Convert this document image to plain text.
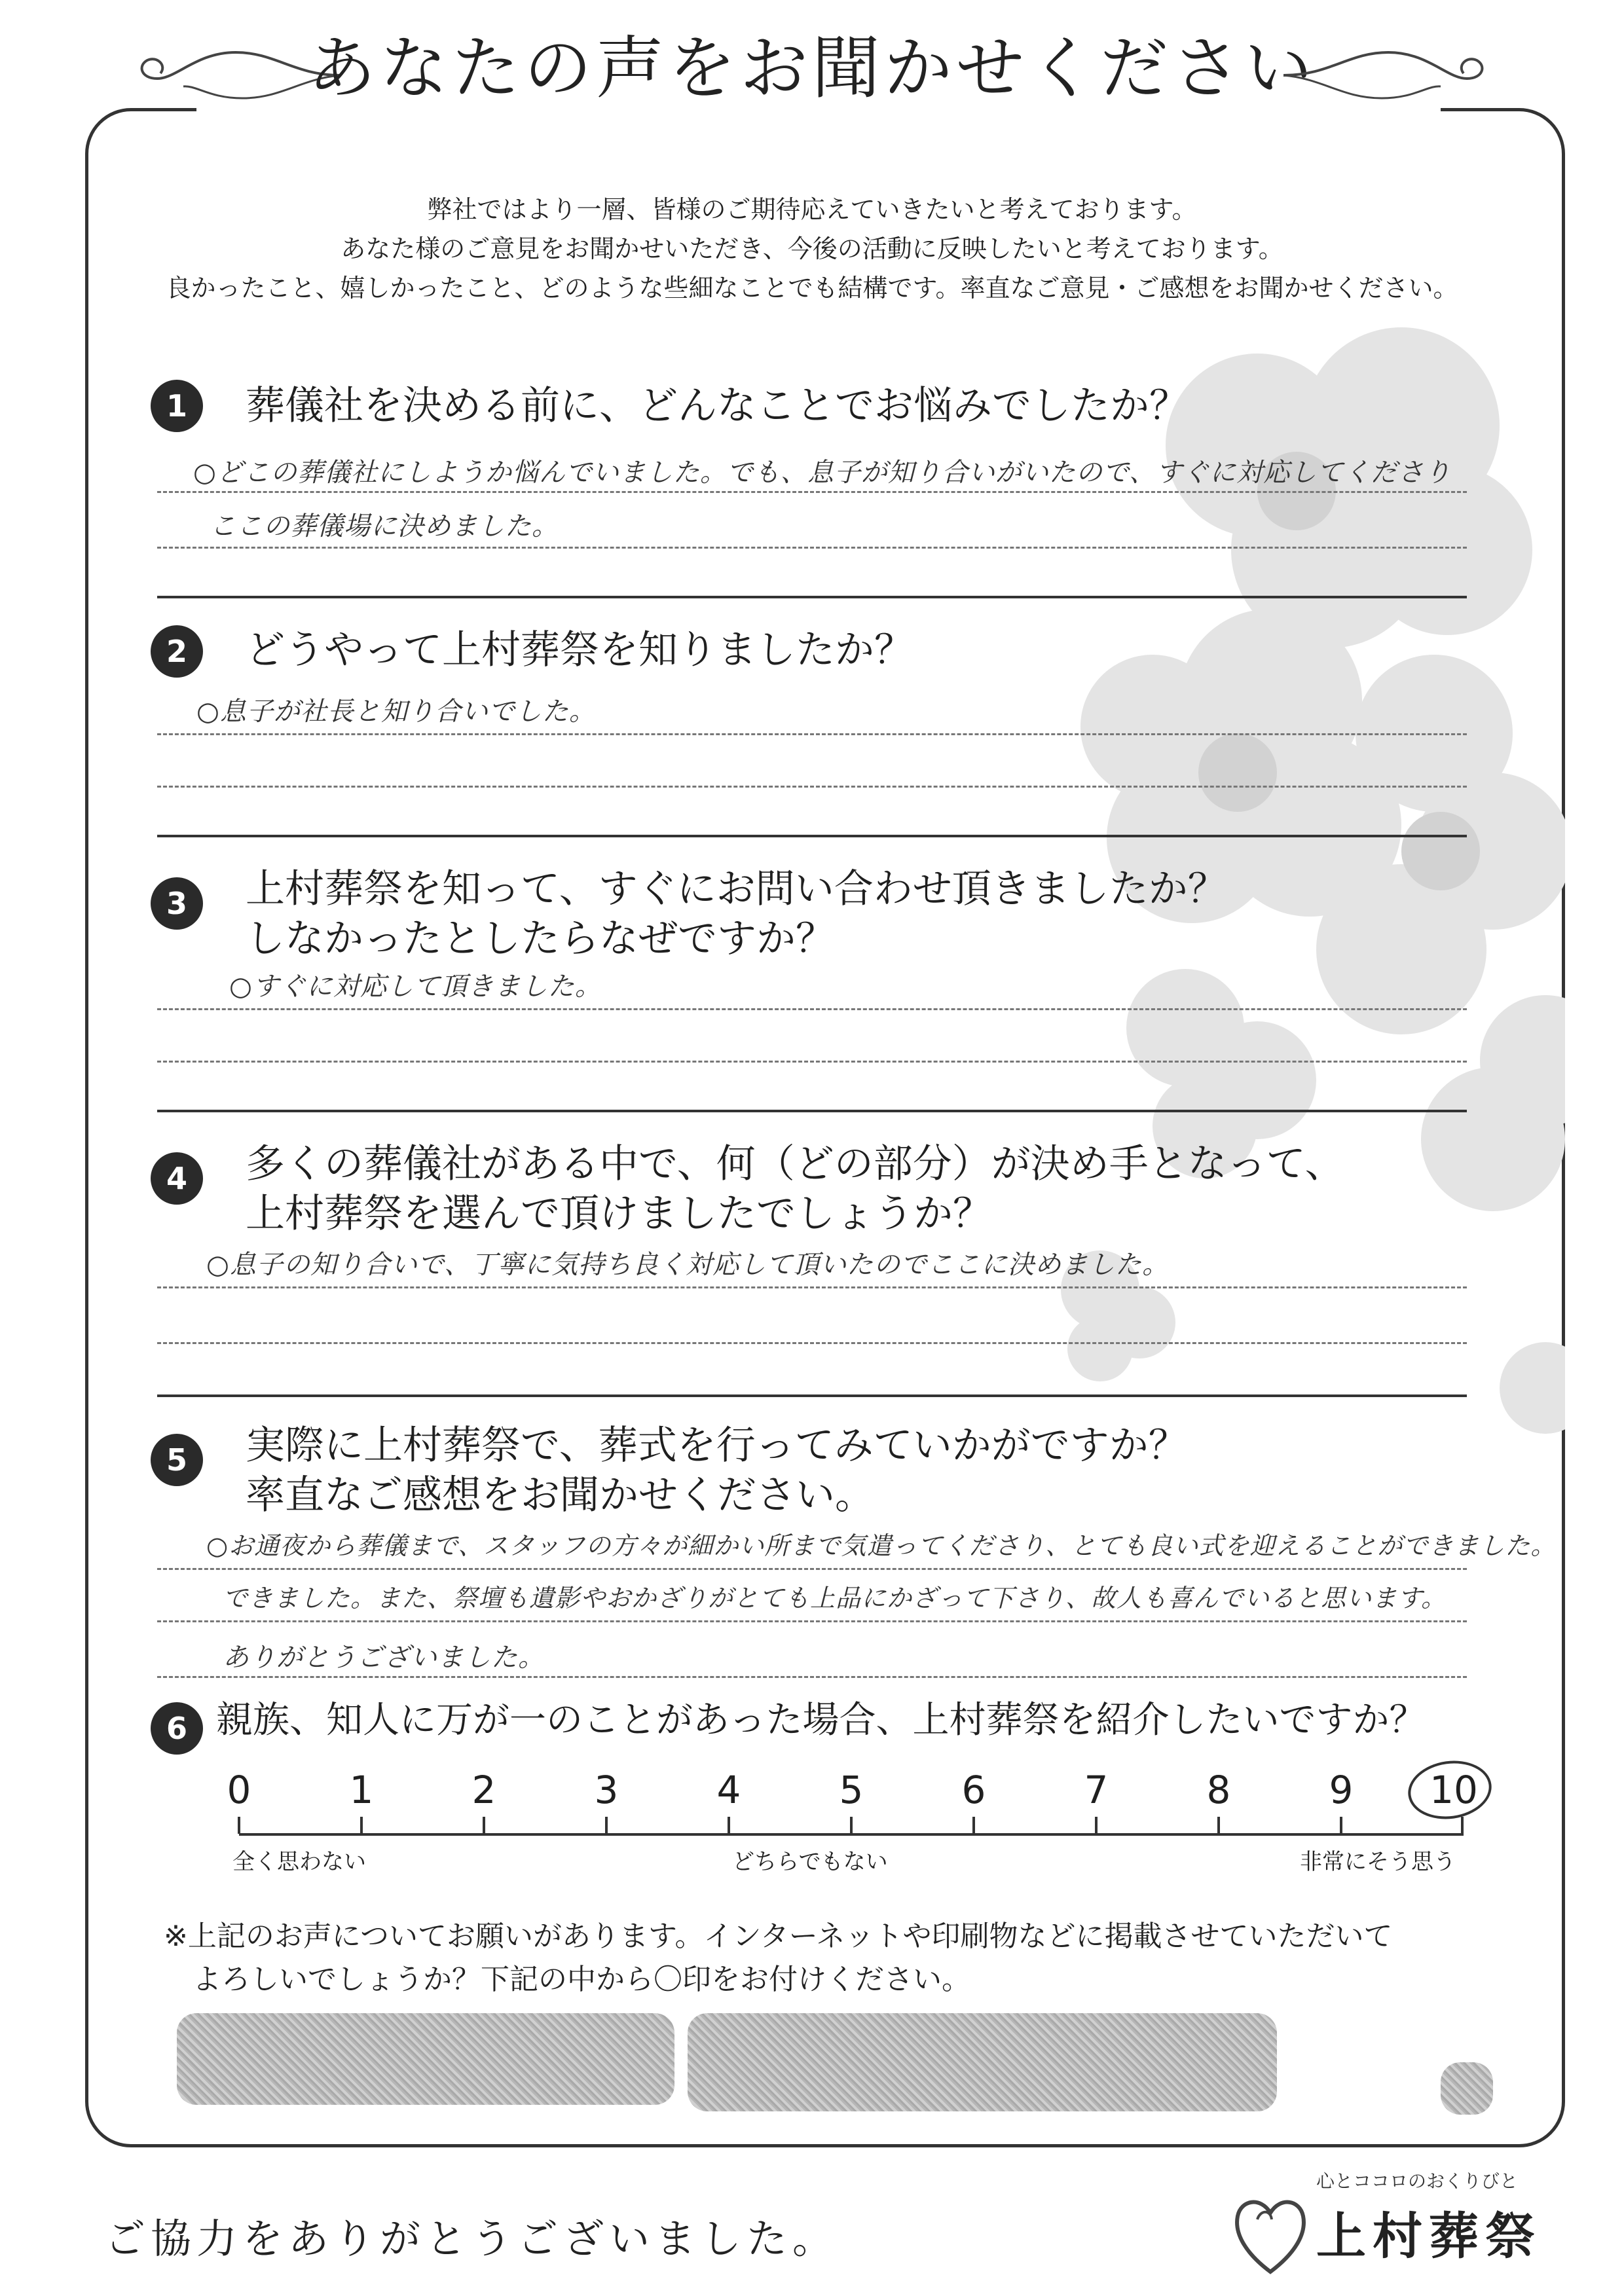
あなたの声をお聞かせください
弊社ではより一層、皆様のご期待応えていきたいと考えております。
あなた様のご意見をお聞かせいただき、今後の活動に反映したいと考えております。
良かったこと、嬉しかったこと、どのような些細なことでも結構です。率直なご意見・ご感想をお聞かせください。
1	葬儀社を決める前に、どんなことでお悩みでしたか？
○どこの葬儀社にしようか悩んでいました。でも、息子が知り合いがいたので、すぐに対応してくださり
ここの葬儀場に決めました。
2	どうやって上村葬祭を知りましたか？
○息子が社長と知り合いでした。
3	上村葬祭を知って、すぐにお問い合わせ頂きましたか？
しなかったとしたらなぜですか？
○すぐに対応して頂きました。
4	多くの葬儀社がある中で、何（どの部分）が決め手となって、
上村葬祭を選んで頂けましたでしょうか？
○息子の知り合いで、丁寧に気持ち良く対応して頂いたのでここに決めました。
5	実際に上村葬祭で、葬式を行ってみていかがですか？
率直なご感想をお聞かせください。
○お通夜から葬儀まで、スタッフの方々が細かい所まで気遣ってくださり、とても良い式を迎えることができました。
できました。また、祭壇も遺影やおかざりがとても上品にかざって下さり、故人も喜んでいると思います。
ありがとうございました。
6 親族、知人に万が一のことがあった場合、上村葬祭を紹介したいですか？
0	1	2	3	4	5	6	7	8	9 10
全く思わない	どちらでもない	非常にそう思う
※上記のお声についてお願いがあります。インターネットや印刷物などに掲載させていただいて
　よろしいでしょうか？下記の中から〇印をお付けください。
ご協力をありがとうございました。
心とココロのおくりびと
上村葬祭
